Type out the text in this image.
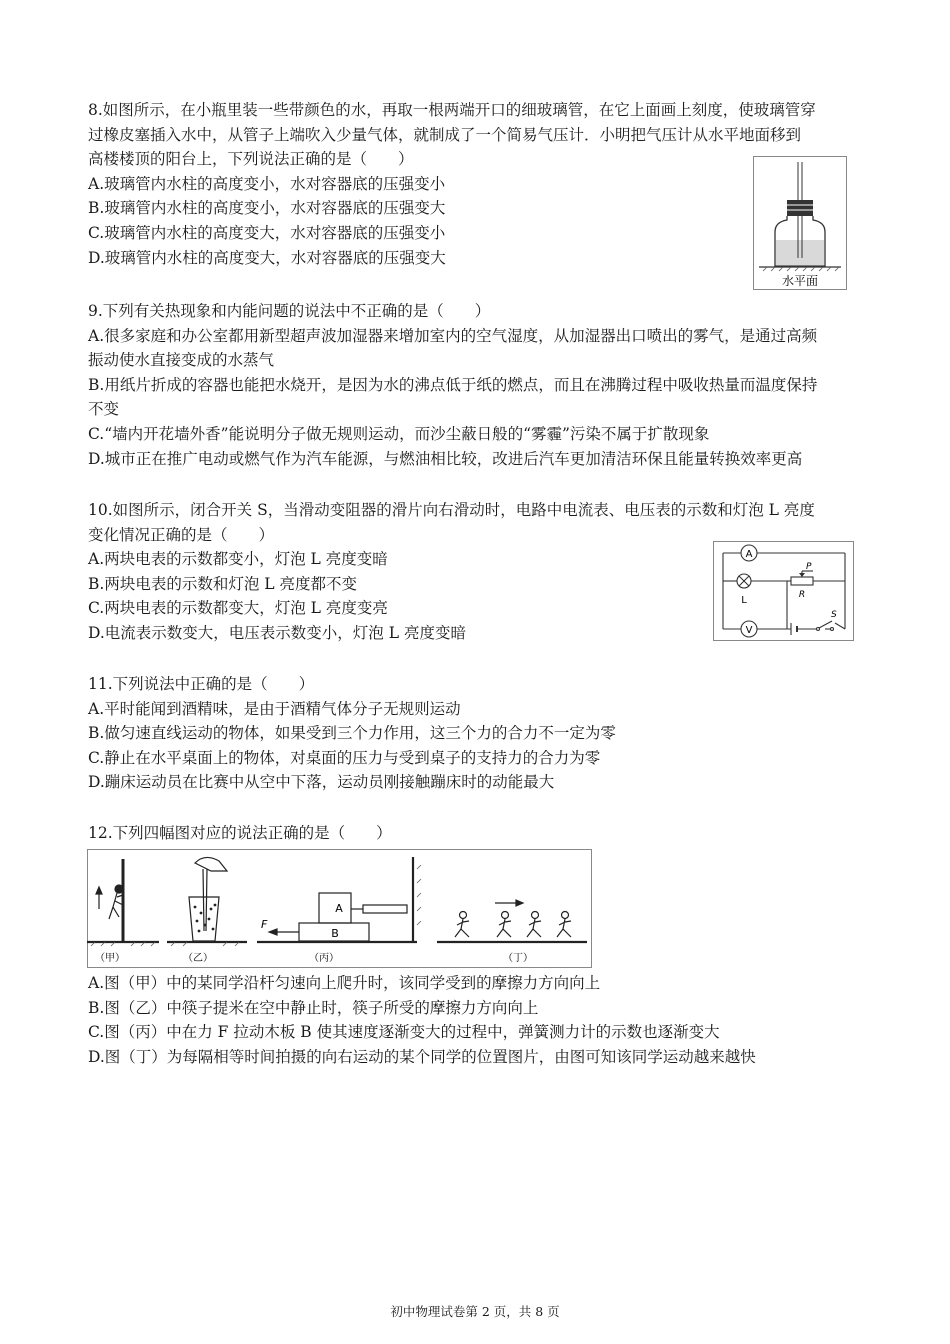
8.如图所示，在小瓶里装一些带颜色的水，再取一根两端开口的细玻璃管，在它上面画上刻度，使玻璃管穿
过橡皮塞插入水中，从管子上端吹入少量气体，就制成了一个简易气压计．小明把气压计从水平地面移到
高楼楼顶的阳台上，下列说法正确的是（　　）
A.玻璃管内水柱的高度变小，水对容器底的压强变小
B.玻璃管内水柱的高度变小，水对容器底的压强变大
C.玻璃管内水柱的高度变大，水对容器底的压强变小
D.玻璃管内水柱的高度变大，水对容器底的压强变大
水平面
9.下列有关热现象和内能问题的说法中不正确的是（　　）
A.很多家庭和办公室都用新型超声波加湿器来增加室内的空气湿度，从加湿器出口喷出的雾气，是通过高频
振动使水直接变成的水蒸气
B.用纸片折成的容器也能把水烧开，是因为水的沸点低于纸的燃点，而且在沸腾过程中吸收热量而温度保持
不变
C.“墙内开花墙外香”能说明分子做无规则运动，而沙尘蔽日般的“雾霾”污染不属于扩散现象
D.城市正在推广电动或燃气作为汽车能源，与燃油相比较，改进后汽车更加清洁环保且能量转换效率更高
10.如图所示，闭合开关 S，当滑动变阻器的滑片向右滑动时，电路中电流表、电压表的示数和灯泡 L 亮度
变化情况正确的是（　　）
A.两块电表的示数都变小，灯泡 L 亮度变暗
B.两块电表的示数和灯泡 L 亮度都不变
C.两块电表的示数都变大，灯泡 L 亮度变亮
D.电流表示数变大，电压表示数变小，灯泡 L 亮度变暗
A
V
L
P
R
S
11.下列说法中正确的是（　　）
A.平时能闻到酒精味，是由于酒精气体分子无规则运动
B.做匀速直线运动的物体，如果受到三个力作用，这三个力的合力不一定为零
C.静止在水平桌面上的物体，对桌面的压力与受到桌子的支持力的合力为零
D.蹦床运动员在比赛中从空中下落，运动员刚接触蹦床时的动能最大
12.下列四幅图对应的说法正确的是（　　）
A
B
F
（甲）	（乙）	（丙）	（丁）
A.图（甲）中的某同学沿杆匀速向上爬升时，该同学受到的摩擦力方向向上
B.图（乙）中筷子提米在空中静止时，筷子所受的摩擦力方向向上
C.图（丙）中在力 F 拉动木板 B 使其速度逐渐变大的过程中，弹簧测力计的示数也逐渐变大
D.图（丁）为每隔相等时间拍摄的向右运动的某个同学的位置图片，由图可知该同学运动越来越快
初中物理试卷第 2 页，共 8 页
